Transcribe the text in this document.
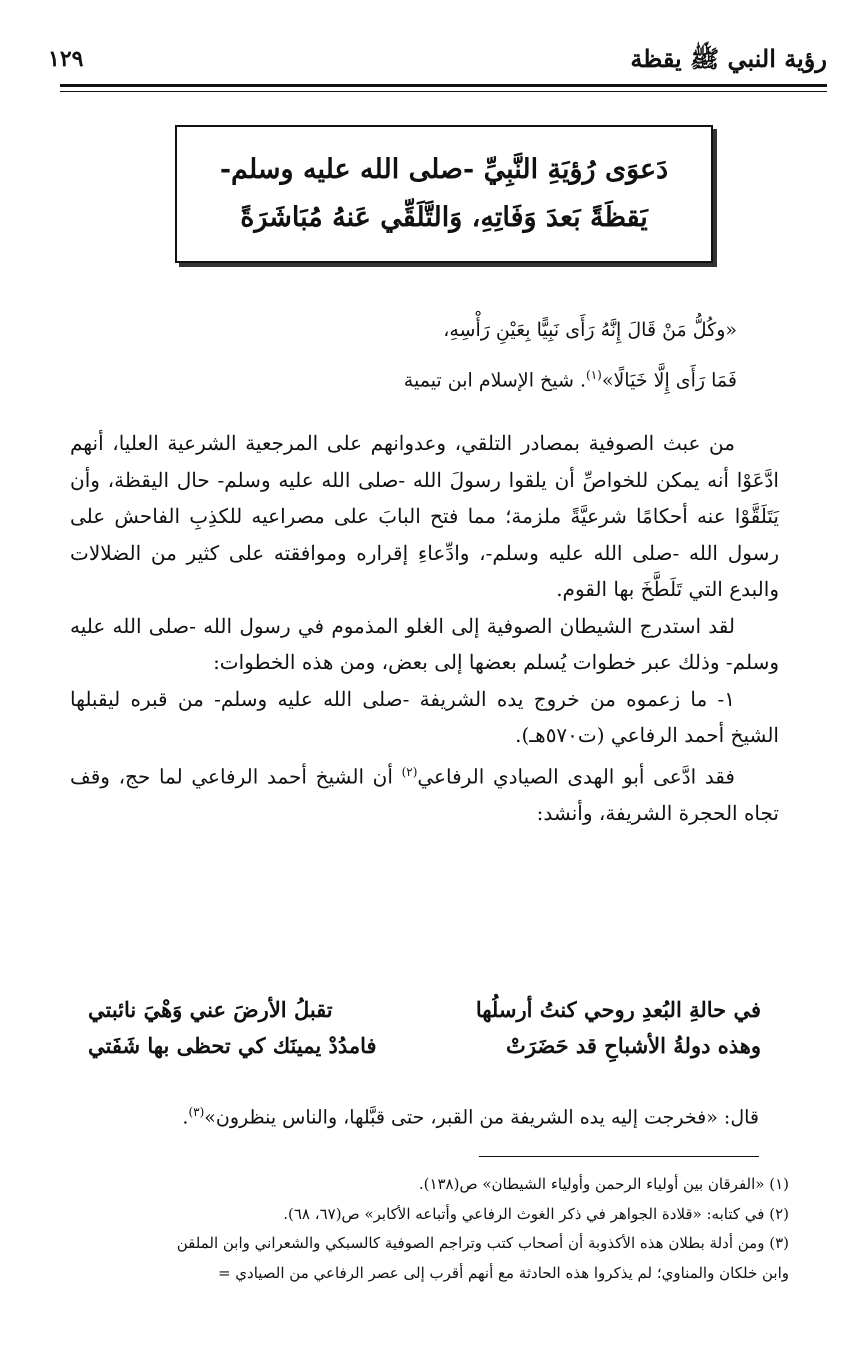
رؤية النبي ﷺ يقظة
١٢٩
دَعوَى رُؤيَةِ النَّبِيِّ -صلى الله عليه وسلم-
يَقظَةً بَعدَ وَفَاتِهِ، وَالتَّلَقِّي عَنهُ مُبَاشَرَةً
«وكُلُّ مَنْ قَالَ إِنَّهُ رَأَى نَبِيًّا بِعَيْنِ رَأْسِهِ،
فَمَا رَأَى إِلَّا خَيَالًا»$^{(١)}$. شيخ الإسلام ابن تيمية

من عبث الصوفية بمصادر التلقي، وعدوانهم على المرجعية الشرعية العليا، أنهم ادَّعَوْا أنه يمكن للخواصِّ أن يلقوا رسولَ الله -صلى الله عليه وسلم- حال اليقظة، وأن يَتَلَقَّوْا عنه أحكامًا شرعيَّةً ملزمة؛ مما فتح البابَ على مصراعيه للكذِبِ الفاحش على رسول الله -صلى الله عليه وسلم-، وادِّعاءِ إقراره وموافقته على كثير من الضلالات والبدع التي تَلَطَّخَ بها القوم.

لقد استدرج الشيطان الصوفية إلى الغلو المذموم في رسول الله -صلى الله عليه وسلم- وذلك عبر خطوات يُسلم بعضها إلى بعض، ومن هذه الخطوات:

١- ما زعموه من خروج يده الشريفة -صلى الله عليه وسلم- من قبره ليقبلها الشيخ أحمد الرفاعي (ت٥٧٠هـ).

فقد ادَّعى أبو الهدى الصيادي الرفاعي$^{(٢)}$ أن الشيخ أحمد الرفاعي لما حج، وقف تجاه الحجرة الشريفة، وأنشد:

في حالةِ البُعدِ روحي كنتُ أرسلُها
تقبلُ الأرضَ عني وَهْيَ نائبتي
وهذه دولةُ الأشباحِ قد حَضَرَتْ
فامدُدْ يمينَك كي تحظى بها شَفَتي
قال: «فخرجت إليه يده الشريفة من القبر، حتى قبَّلها، والناس ينظرون»$^{(٣)}$.
(١) «الفرقان بين أولياء الرحمن وأولياء الشيطان» ص(١٣٨).
(٢) في كتابه: «قلادة الجواهر في ذكر الغوث الرفاعي وأتباعه الأكابر» ص(٦٧، ٦٨).
(٣) ومن أدلة بطلان هذه الأكذوبة أن أصحاب كتب وتراجم الصوفية كالسبكي والشعراني وابن الملقن
وابن خلكان والمناوي؛ لم يذكروا هذه الحادثة مع أنهم أقرب إلى عصر الرفاعي من الصيادي =
